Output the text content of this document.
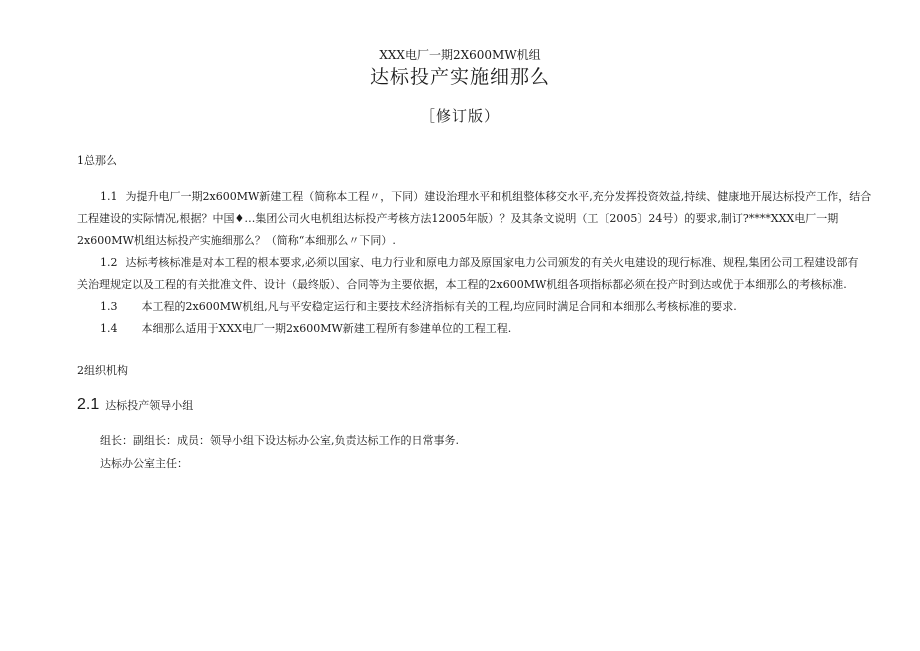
XXX电厂一期2X600MW机组
达标投产实施细那么
［修订版）
1总那么
1.1 为提升电厂一期2x600MW新建工程（简称本工程〃，下同）建设治理水平和机组整体移交水平,充分发挥投资效益,持续、健康地开展达标投产工作，结合
工程建设的实际情况,根据？中国♦…集团公司火电机组达标投产考核方法12005年版）？及其条文说明（工〔2005〕24号）的要求,制订?****XXX电厂一期
2x600MW机组达标投产实施细那么？（简称“本细那么〃下同）.
1.2 达标考核标准是对本工程的根本要求,必须以国家、电力行业和原电力部及原国家电力公司颁发的有关火电建设的现行标准、规程,集团公司工程建设部有
关治理规定以及工程的有关批准文件、设计（最终版）、合同等为主要依据，本工程的2x600MW机组各项指标都必须在投产时到达或优于本细那么的考核标准.
1.3 本工程的2x600MW机组,凡与平安稳定运行和主要技术经济指标有关的工程,均应同时满足合同和本细那么考核标准的要求.
1.4 本细那么适用于XXX电厂一期2x600MW新建工程所有参建单位的工程工程.
2组织机构
2.1 达标投产领导小组
组长：副组长：成员：领导小组下设达标办公室,负责达标工作的日常事务.
达标办公室主任：
